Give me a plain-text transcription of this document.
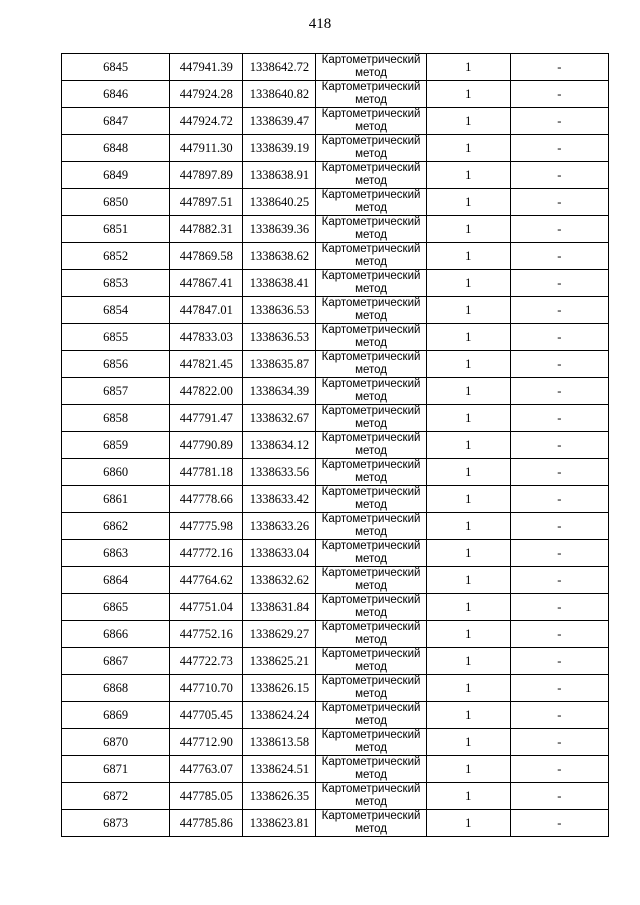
418
6845	447941.39	1338642.72	Картометрический
метод	1	-
6846	447924.28	1338640.82	Картометрический
метод	1	-
6847	447924.72	1338639.47	Картометрический
метод	1	-
6848	447911.30	1338639.19	Картометрический
метод	1	-
6849	447897.89	1338638.91	Картометрический
метод	1	-
6850	447897.51	1338640.25	Картометрический
метод	1	-
6851	447882.31	1338639.36	Картометрический
метод	1	-
6852	447869.58	1338638.62	Картометрический
метод	1	-
6853	447867.41	1338638.41	Картометрический
метод	1	-
6854	447847.01	1338636.53	Картометрический
метод	1	-
6855	447833.03	1338636.53	Картометрический
метод	1	-
6856	447821.45	1338635.87	Картометрический
метод	1	-
6857	447822.00	1338634.39	Картометрический
метод	1	-
6858	447791.47	1338632.67	Картометрический
метод	1	-
6859	447790.89	1338634.12	Картометрический
метод	1	-
6860	447781.18	1338633.56	Картометрический
метод	1	-
6861	447778.66	1338633.42	Картометрический
метод	1	-
6862	447775.98	1338633.26	Картометрический
метод	1	-
6863	447772.16	1338633.04	Картометрический
метод	1	-
6864	447764.62	1338632.62	Картометрический
метод	1	-
6865	447751.04	1338631.84	Картометрический
метод	1	-
6866	447752.16	1338629.27	Картометрический
метод	1	-
6867	447722.73	1338625.21	Картометрический
метод	1	-
6868	447710.70	1338626.15	Картометрический
метод	1	-
6869	447705.45	1338624.24	Картометрический
метод	1	-
6870	447712.90	1338613.58	Картометрический
метод	1	-
6871	447763.07	1338624.51	Картометрический
метод	1	-
6872	447785.05	1338626.35	Картометрический
метод	1	-
6873	447785.86	1338623.81	Картометрический
метод	1	-
